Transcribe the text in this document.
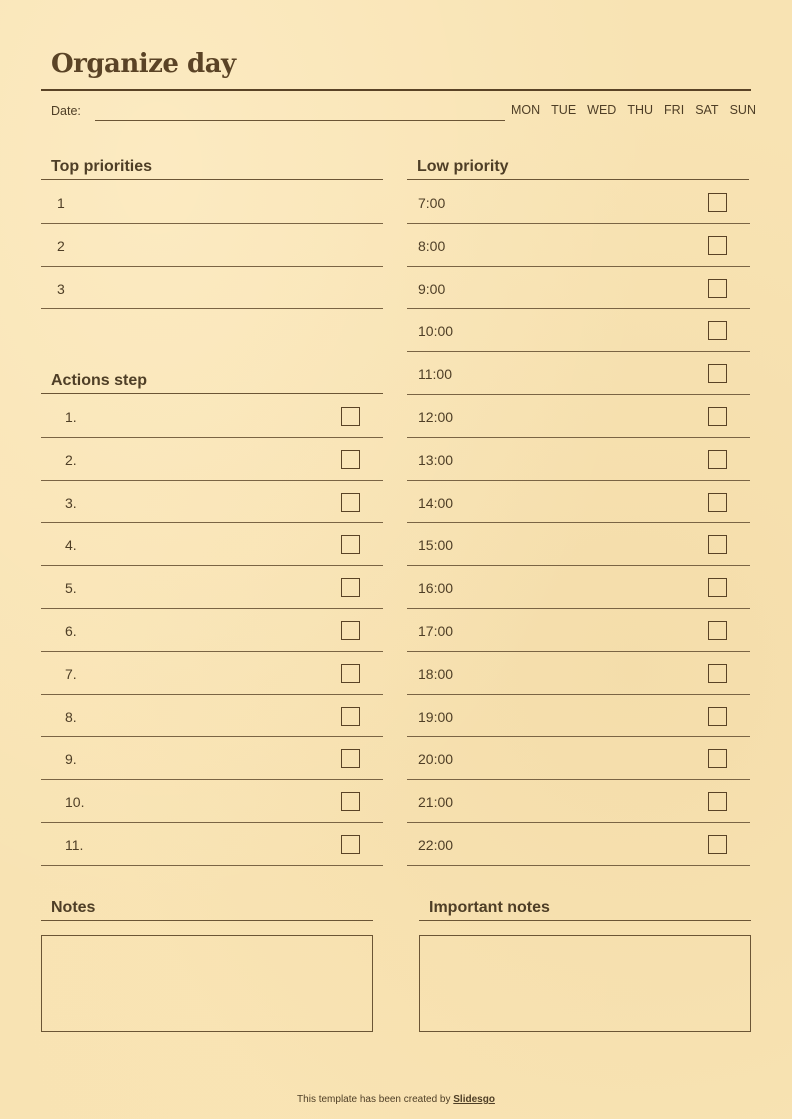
Organize day
Date:	MON TUE WED THU FRI SAT SUN
Top priorities
1
2
3
Actions step
1.
2.
3.
4.
5.
6.
7.
8.
9.
10.
11.
Low priority
7:00
8:00
9:00
10:00
11:00
12:00
13:00
14:00
15:00
16:00
17:00
18:00
19:00
20:00
21:00
22:00
Notes	Important notes
This template has been created by Slidesgo
